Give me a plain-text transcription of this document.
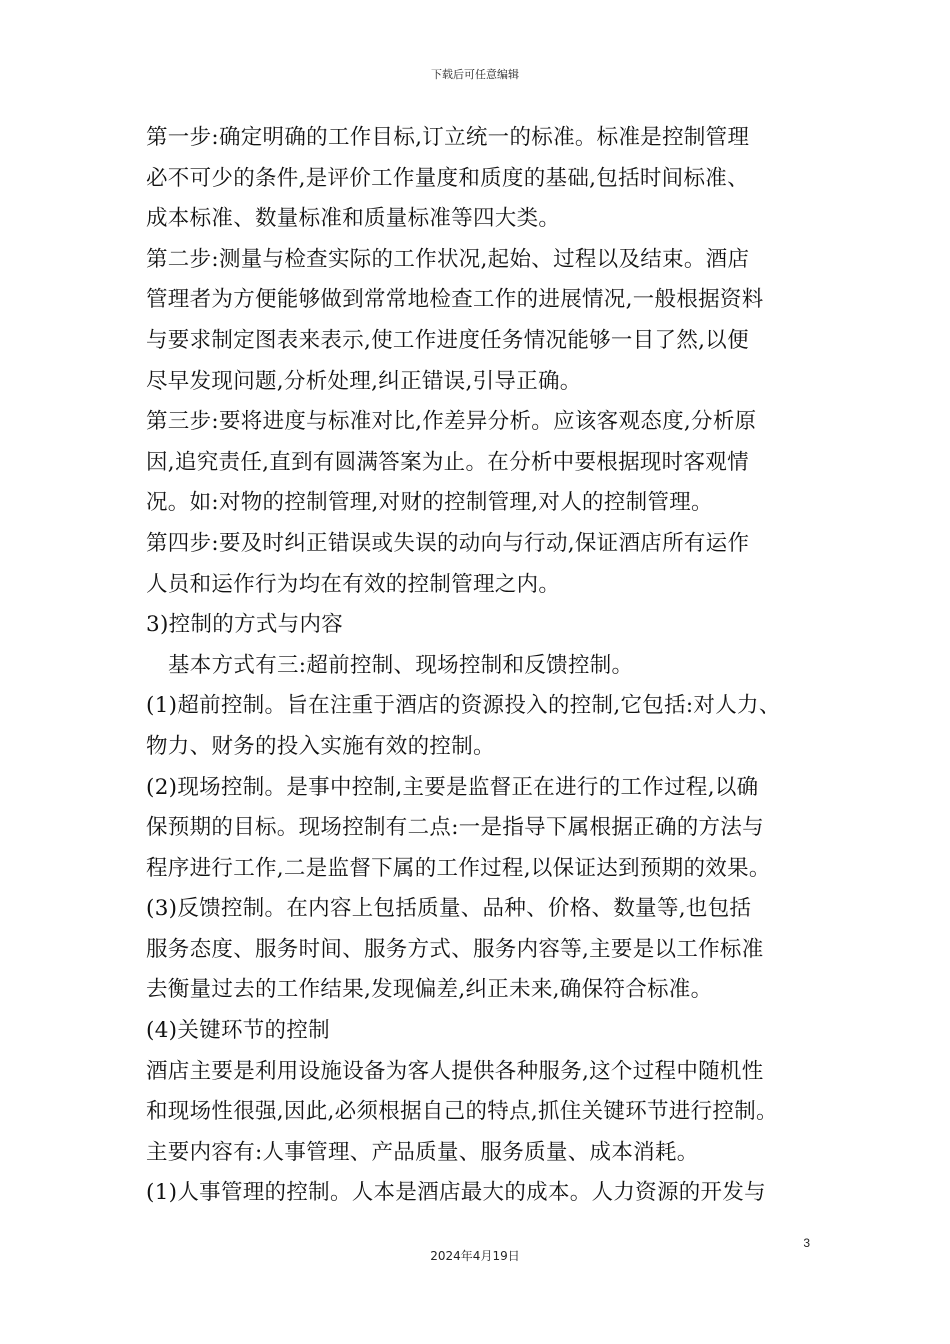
下载后可任意编辑
第一步:确定明确的工作目标,订立统一的标准。标准是控制管理
必不可少的条件,是评价工作量度和质度的基础,包括时间标准、
成本标准、数量标准和质量标准等四大类。
第二步:测量与检查实际的工作状况,起始、过程以及结束。酒店
管理者为方便能够做到常常地检查工作的进展情况,一般根据资料
与要求制定图表来表示,使工作进度任务情况能够一目了然,以便
尽早发现问题,分析处理,纠正错误,引导正确。
第三步:要将进度与标准对比,作差异分析。应该客观态度,分析原
因,追究责任,直到有圆满答案为止。在分析中要根据现时客观情
况。如:对物的控制管理,对财的控制管理,对人的控制管理。
第四步:要及时纠正错误或失误的动向与行动,保证酒店所有运作
人员和运作行为均在有效的控制管理之内。
3)控制的方式与内容
基本方式有三:超前控制、现场控制和反馈控制。
(1)超前控制。旨在注重于酒店的资源投入的控制,它包括:对人力、
物力、财务的投入实施有效的控制。
(2)现场控制。是事中控制,主要是监督正在进行的工作过程,以确
保预期的目标。现场控制有二点:一是指导下属根据正确的方法与
程序进行工作,二是监督下属的工作过程,以保证达到预期的效果。
(3)反馈控制。在内容上包括质量、品种、价格、数量等,也包括
服务态度、服务时间、服务方式、服务内容等,主要是以工作标准
去衡量过去的工作结果,发现偏差,纠正未来,确保符合标准。
(4)关键环节的控制
酒店主要是利用设施设备为客人提供各种服务,这个过程中随机性
和现场性很强,因此,必须根据自己的特点,抓住关键环节进行控制。
主要内容有:人事管理、产品质量、服务质量、成本消耗。
(1)人事管理的控制。人本是酒店最大的成本。人力资源的开发与
3
2024年4月19日
